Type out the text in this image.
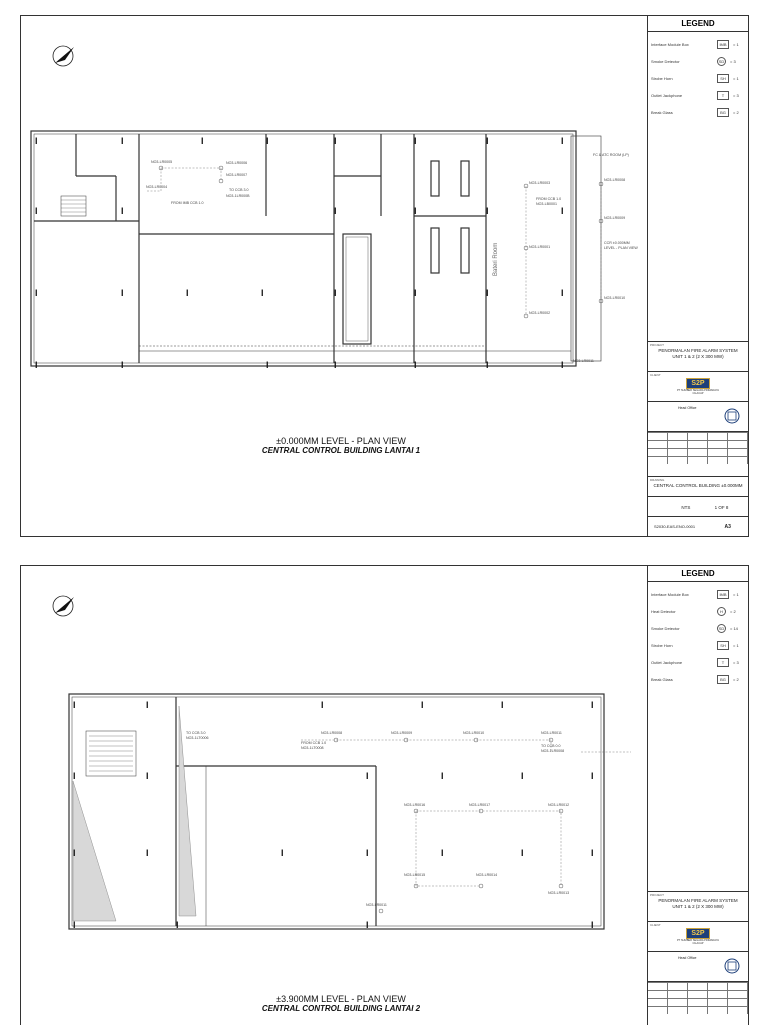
I	I	I	I	I	I	I	I
I	I	I	I	I	I
I	I	I	I	I	I	I	I
I	I	I	I	I	I	I
NO3-LR0005	NO3-LR0006
NO3-LR0004
NO3-LR0007
FROM IMB CCB 1.0
TO CCB 3.0
NO3-1LR000B
NO3-LR0003
NO3-LR0001
NO3-LR0002
FROM CCB 1.0
NO3-LB0001
FC & ATC ROOM (LP)
NO3-LR0008
NO3-LR0009
CCR ±0.000MM
LEVEL - PLAN VIEW
NO3-LR0010
NO3-LR0011
Bateri Room
±0.000MM LEVEL - PLAN VIEW
CENTRAL CONTROL BUILDING LANTAI 1
LEGEND
Interface Module Box	IMB	= 1
Smoke Detector	SD	= 3
Strobe Horn	SH	= 1
Outlet Jackphone	T	= 3
Break Glass	BG	= 2
PROJECT
PENORMALAN FIRE ALARM SYSTEM
UNIT 1 & 2 (2 X 300 MW)
CLIENT
S2P
PT SUMBER SEGARA PRIMADAYA
CILACAP
Head Office
DRAWING
CENTRAL CONTROL BUILDING ±0.000MM
NTS	1 OF 8
S2030-EAS-ENO-0001	A3
I	I	I	I	I	I
I	I	I	I	I	I
I	I	I	I	I	I	I
I	I	I	I
TO CCB 3.0
NO3-1LT0006
FROM CCB 1.0
NO3-1LT0008
NO3-LR0008	NO3-LR0009	NO3-LR0010	NO3-LR0011
TO CCB 0.0
NO3-1LR0008
NO3-LR0016	NO3-LR0017	NO3-LR0012
NO3-LR0015	NO3-LR0014
NO3-LR0013
NO3-LR0011
±3.900MM LEVEL - PLAN VIEW
CENTRAL CONTROL BUILDING LANTAI 2
LEGEND
Interface Module Box	IMB	= 1
Heat Detector	H	= 2
Smoke Detector	SD	= 14
Strobe Horn	SH	= 1
Outlet Jackphone	T	= 3
Break Glass	BG	= 2
PROJECT
PENORMALAN FIRE ALARM SYSTEM
UNIT 1 & 2 (2 X 300 MW)
CLIENT
S2P
PT SUMBER SEGARA PRIMADAYA
CILACAP
Head Office
